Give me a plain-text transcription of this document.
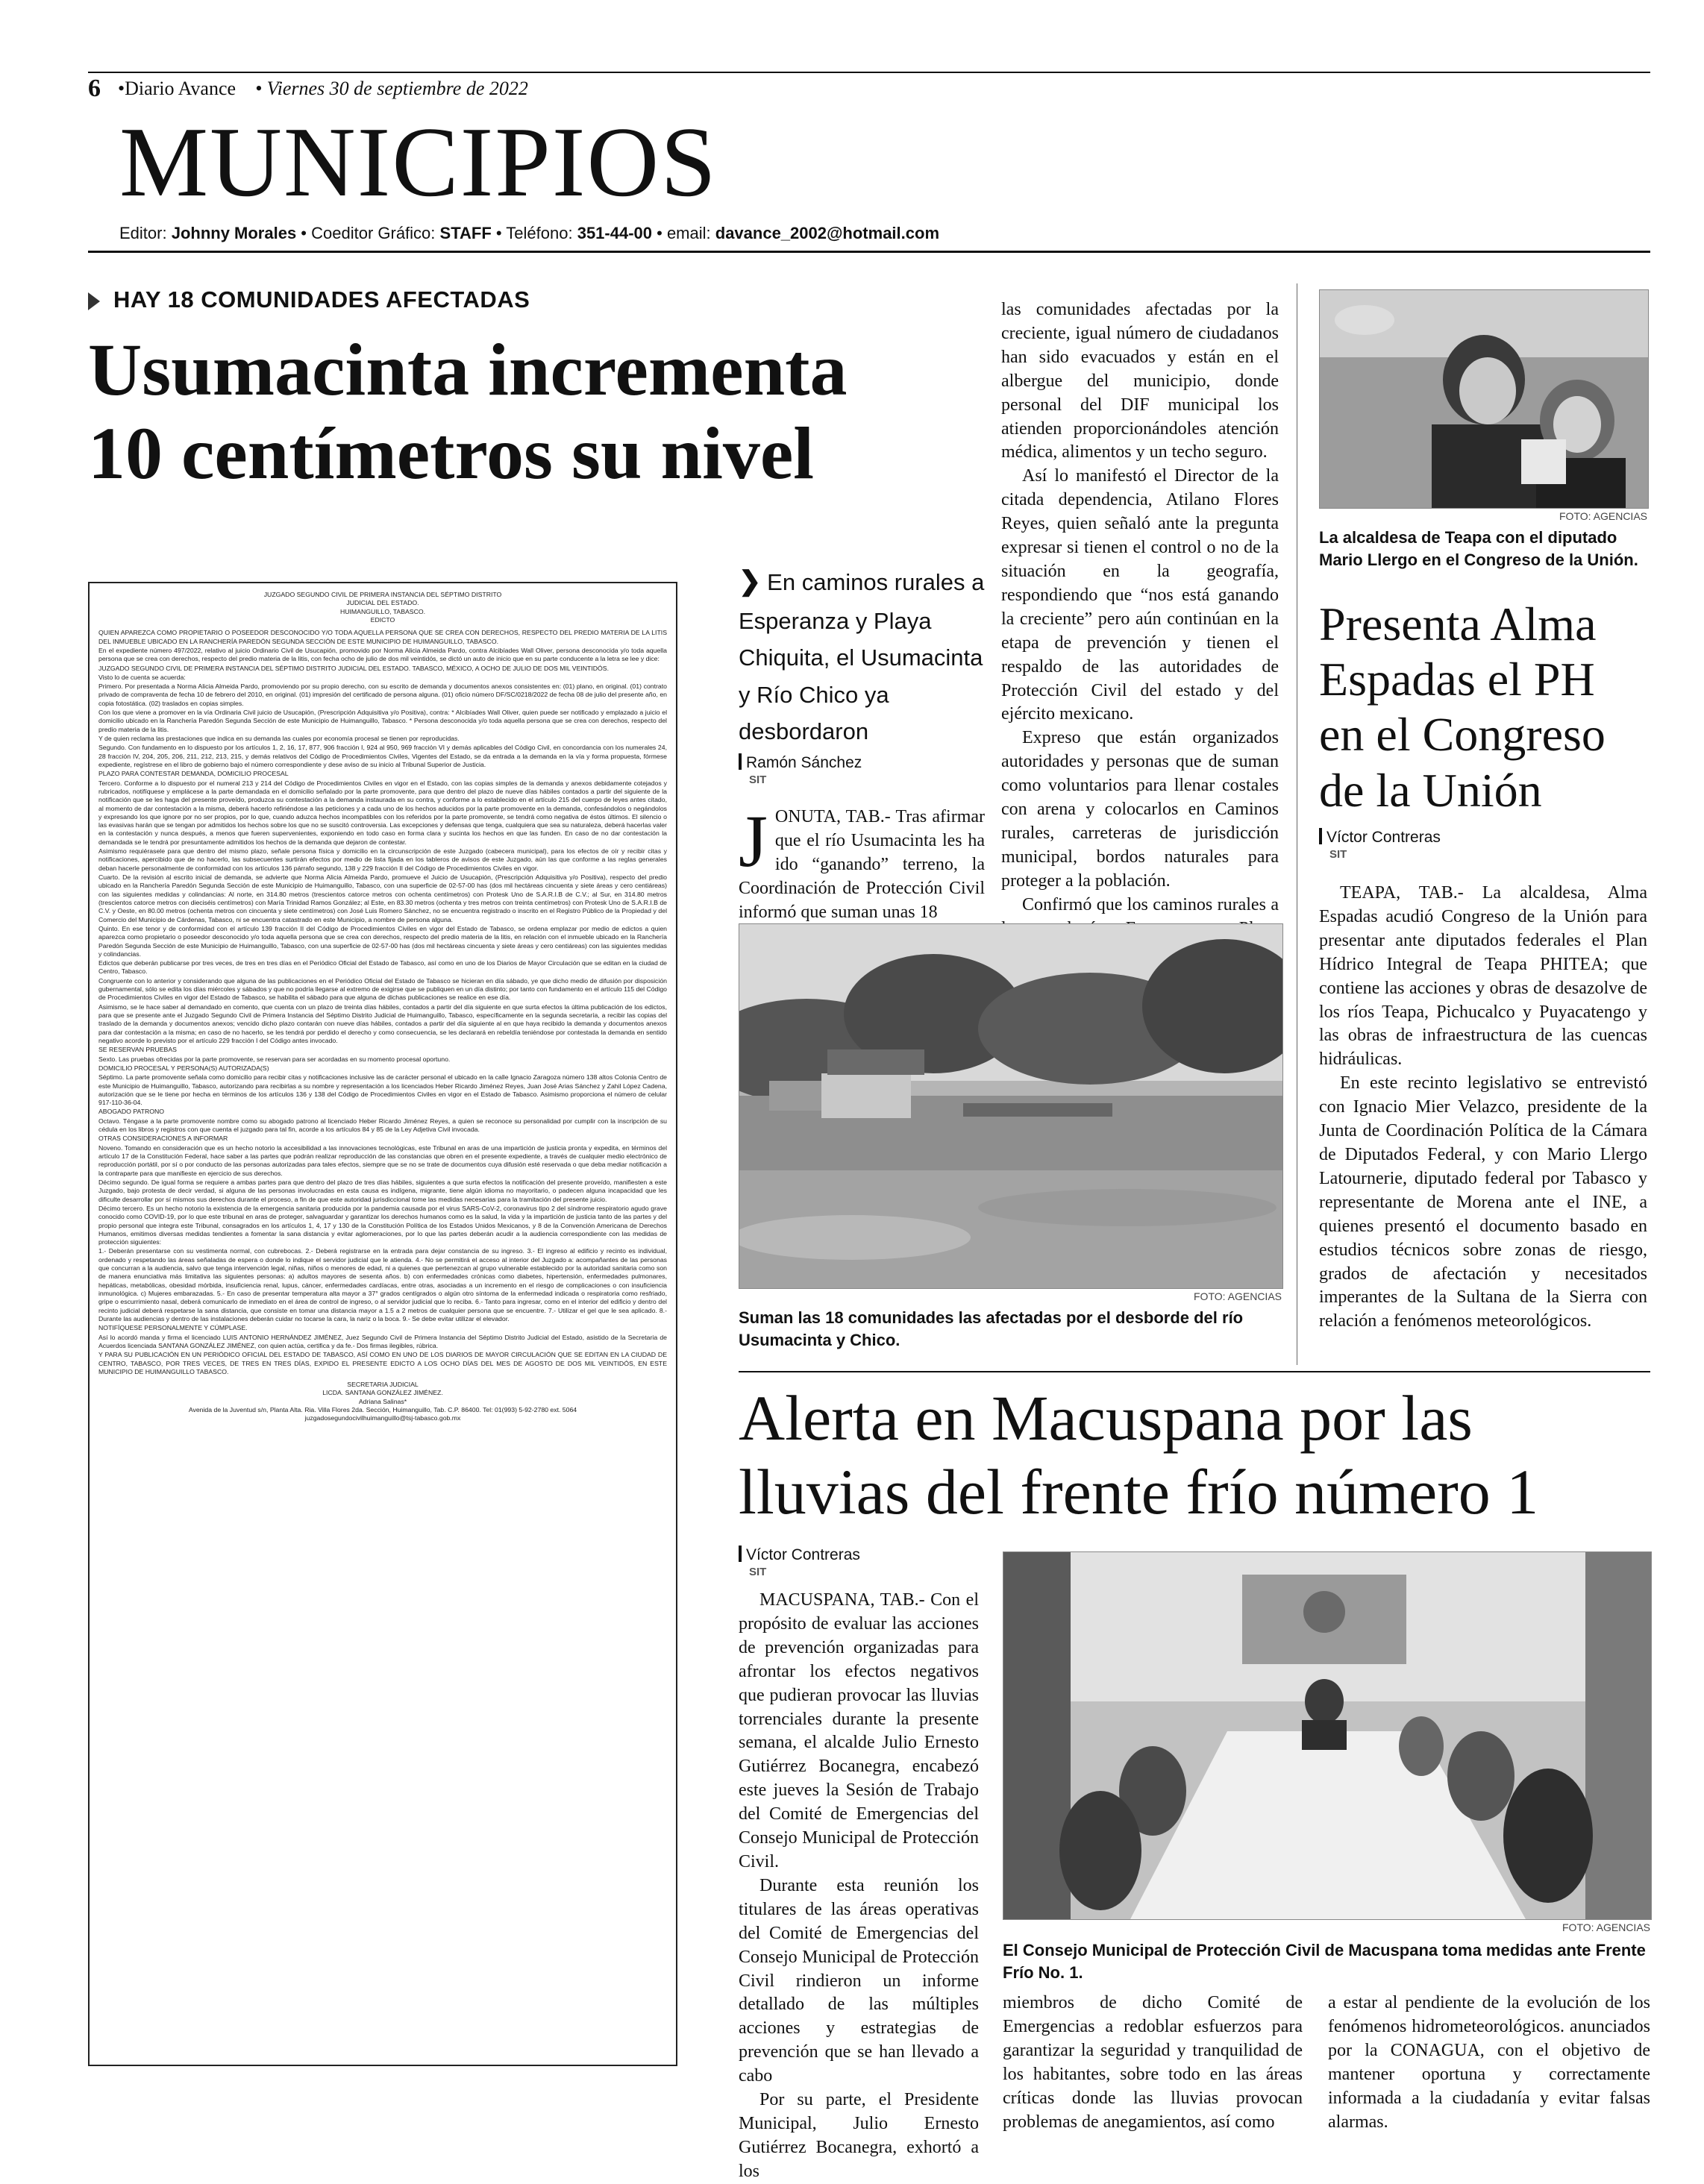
6 •Diario Avance • Viernes 30 de septiembre de 2022
MUNICIPIOS
Editor: Johnny Morales • Coeditor Gráfico: STAFF • Teléfono: 351-44-00 • email: davance_2002@hotmail.com
HAY 18 COMUNIDADES AFECTADAS
Usumacinta incrementa
10 centímetros su nivel
JUZGADO SEGUNDO CIVIL DE PRIMERA INSTANCIA DEL SÉPTIMO DISTRITO
JUDICIAL DEL ESTADO.
HUIMANGUILLO, TABASCO.
EDICTO

QUIEN APAREZCA COMO PROPIETARIO O POSEEDOR DESCONOCIDO Y/O TODA AQUELLA PERSONA QUE SE CREA CON DERECHOS, RESPECTO DEL PREDIO MATERIA DE LA LITIS DEL INMUEBLE UBICADO EN LA RANCHERÍA PAREDÓN SEGUNDA SECCIÓN DE ESTE MUNICIPIO DE HUIMANGUILLO, TABASCO.

En el expediente número 497/2022, relativo al juicio Ordinario Civil de Usucapión, promovido por Norma Alicia Almeida Pardo, contra Alcibíades Wall Oliver, persona desconocida y/o toda aquella persona que se crea con derechos, respecto del predio materia de la litis, con fecha ocho de julio de dos mil veintidós, se dictó un auto de inicio que en su parte conducente a la letra se lee y dice:

JUZGADO SEGUNDO CIVIL DE PRIMERA INSTANCIA DEL SÉPTIMO DISTRITO JUDICIAL DEL ESTADO. TABASCO, MÉXICO, A OCHO DE JULIO DE DOS MIL VEINTIDÓS.

Visto lo de cuenta se acuerda:

Primero. Por presentada a Norma Alicia Almeida Pardo, promoviendo por su propio derecho, con su escrito de demanda y documentos anexos consistentes en: (01) plano, en original. (01) contrato privado de compraventa de fecha 10 de febrero del 2010, en original. (01) impresión del certificado de persona alguna. (01) oficio número DF/SC/0218/2022 de fecha 08 de julio del presente año, en copia fotostática. (02) traslados en copias simples.

Con los que viene a promover en la vía Ordinaria Civil juicio de Usucapión, (Prescripción Adquisitiva y/o Positiva), contra: * Alcibíades Wall Oliver, quien puede ser notificado y emplazado a juicio el domicilio ubicado en la Ranchería Paredón Segunda Sección de este Municipio de Huimanguillo, Tabasco. * Persona desconocida y/o toda aquella persona que se crea con derechos, respecto del predio materia de la litis.

Y de quien reclama las prestaciones que indica en su demanda las cuales por economía procesal se tienen por reproducidas.

Segundo. Con fundamento en lo dispuesto por los artículos 1, 2, 16, 17, 877, 906 fracción I, 924 al 950, 969 fracción VI y demás aplicables del Código Civil, en concordancia con los numerales 24, 28 fracción IV, 204, 205, 206, 211, 212, 213, 215, y demás relativos del Código de Procedimientos Civiles, Vigentes del Estado, se da entrada a la demanda en la vía y forma propuesta, fórmese expediente, regístrese en el libro de gobierno bajo el número correspondiente y dese aviso de su inicio al Tribunal Superior de Justicia.

PLAZO PARA CONTESTAR DEMANDA, DOMICILIO PROCESAL

Tercero. Conforme a lo dispuesto por el numeral 213 y 214 del Código de Procedimientos Civiles en vigor en el Estado, con las copias simples de la demanda y anexos debidamente cotejados y rubricados, notifíquese y emplácese a la parte demandada en el domicilio señalado por la parte promovente, para que dentro del plazo de nueve días hábiles contados a partir del siguiente de la notificación que se les haga del presente proveído, produzca su contestación a la demanda instaurada en su contra, y conforme a lo establecido en el artículo 215 del cuerpo de leyes antes citado, al momento de dar contestación a la misma, deberá hacerlo refiriéndose a las peticiones y a cada uno de los hechos aducidos por la parte promovente en la demanda, confesándolos o negándolos y expresando los que ignore por no ser propios, por lo que, cuando aduzca hechos incompatibles con los referidos por la parte promovente, se tendrá como negativa de éstos últimos. El silencio o las evasivas harán que se tengan por admitidos los hechos sobre los que no se suscitó controversia. Las excepciones y defensas que tenga, cualquiera que sea su naturaleza, deberá hacerlas valer en la contestación y nunca después, a menos que fueren supervenientes, exponiendo en todo caso en forma clara y sucinta los hechos en que las funden. En caso de no dar contestación la demandada se le tendrá por presuntamente admitidos los hechos de la demanda que dejaron de contestar.

Asimismo requiérasele para que dentro del mismo plazo, señale persona física y domicilio en la circunscripción de este Juzgado (cabecera municipal), para los efectos de oír y recibir citas y notificaciones, apercibido que de no hacerlo, las subsecuentes surtirán efectos por medio de lista fijada en los tableros de avisos de este Juzgado, aún las que conforme a las reglas generales deban hacerle personalmente de conformidad con los artículos 136 párrafo segundo, 138 y 229 fracción II del Código de Procedimientos Civiles en vigor.

Cuarto. De la revisión al escrito inicial de demanda, se advierte que Norma Alicia Almeida Pardo, promueve el Juicio de Usucapión, (Prescripción Adquisitiva y/o Positiva), respecto del predio ubicado en la Ranchería Paredón Segunda Sección de este Municipio de Huimanguillo, Tabasco, con una superficie de 02-57-00 has (dos mil hectáreas cincuenta y siete áreas y cero centiáreas) con las siguientes medidas y colindancias: Al norte, en 314.80 metros (trescientos catorce metros con ochenta centímetros) con Protesk Uno de S.A.R.I.B de C.V.; al Sur, en 314.80 metros (trescientos catorce metros con dieciséis centímetros) con María Trinidad Ramos González; al Este, en 83.30 metros (ochenta y tres metros con treinta centímetros) con Protesk Uno de S.A.R.I.B de C.V. y Oeste, en 80.00 metros (ochenta metros con cincuenta y siete centímetros) con José Luis Romero Sánchez, no se encuentra registrado o inscrito en el Registro Público de la Propiedad y del Comercio del Municipio de Cárdenas, Tabasco, ni se encuentra catastrado en este Municipio, a nombre de persona alguna.

Quinto. En ese tenor y de conformidad con el artículo 139 fracción II del Código de Procedimientos Civiles en vigor del Estado de Tabasco, se ordena emplazar por medio de edictos a quien aparezca como propietario o poseedor desconocido y/o toda aquella persona que se crea con derechos, respecto del predio materia de la litis, en relación con el inmueble ubicado en la Ranchería Paredón Segunda Sección de este Municipio de Huimanguillo, Tabasco, con una superficie de 02-57-00 has (dos mil hectáreas cincuenta y siete áreas y cero centiáreas) con las siguientes medidas y colindancias.

Edictos que deberán publicarse por tres veces, de tres en tres días en el Periódico Oficial del Estado de Tabasco, así como en uno de los Diarios de Mayor Circulación que se editan en la ciudad de Centro, Tabasco.

Congruente con lo anterior y considerando que alguna de las publicaciones en el Periódico Oficial del Estado de Tabasco se hicieran en día sábado, ye que dicho medio de difusión por disposición gubernamental, sólo se edita los días miércoles y sábados y que no podría llegarse al extremo de exigirse que se publiquen en un día distinto; por tanto con fundamento en el artículo 115 del Código de Procedimientos Civiles en vigor del Estado de Tabasco, se habilita el sábado para que alguna de dichas publicaciones se realice en ese día.

Asimismo, se le hace saber al demandado en comento, que cuenta con un plazo de treinta días hábiles, contados a partir del día siguiente en que surta efectos la última publicación de los edictos, para que se presente ante el Juzgado Segundo Civil de Primera Instancia del Séptimo Distrito Judicial de Huimanguillo, Tabasco, específicamente en la segunda secretaría, a recibir las copias del traslado de la demanda y documentos anexos; vencido dicho plazo contarán con nueve días hábiles, contados a partir del día siguiente al en que haya recibido la demanda y documentos anexos para dar contestación a la misma; en caso de no hacerlo, se les tendrá por perdido el derecho y como consecuencia, se les declarará en rebeldía teniéndose por contestada la demanda en sentido negativo acorde lo previsto por el artículo 229 fracción I del Código antes invocado.

SE RESERVAN PRUEBAS

Sexto. Las pruebas ofrecidas por la parte promovente, se reservan para ser acordadas en su momento procesal oportuno.

DOMICILIO PROCESAL Y PERSONA(S) AUTORIZADA(S)

Séptimo. La parte promovente señala como domicilio para recibir citas y notificaciones inclusive las de carácter personal el ubicado en la calle Ignacio Zaragoza número 138 altos Colonia Centro de este Municipio de Huimanguillo, Tabasco, autorizando para recibirlas a su nombre y representación a los licenciados Heber Ricardo Jiménez Reyes, Juan José Arias Sánchez y Zahil López Cadena, autorización que se le tiene por hecha en términos de los artículos 136 y 138 del Código de Procedimientos Civiles en vigor en el Estado de Tabasco. Asimismo proporciona el número de celular 917-110-36-04.

ABOGADO PATRONO

Octavo. Téngase a la parte promovente nombre como su abogado patrono al licenciado Heber Ricardo Jiménez Reyes, a quien se reconoce su personalidad por cumplir con la inscripción de su cédula en los libros y registros con que cuenta el juzgado para tal fin, acorde a los artículos 84 y 85 de la Ley Adjetiva Civil invocada.

OTRAS CONSIDERACIONES A INFORMAR

Noveno. Tomando en consideración que es un hecho notorio la accesibilidad a las innovaciones tecnológicas, este Tribunal en aras de una impartición de justicia pronta y expedita, en términos del artículo 17 de la Constitución Federal, hace saber a las partes que podrán realizar reproducción de las constancias que obren en el presente expediente, a través de cualquier medio electrónico de reproducción portátil, por sí o por conducto de las personas autorizadas para tales efectos, siempre que se no se trate de documentos cuya difusión esté reservada o que deba mediar notificación a la contraparte para que manifieste en ejercicio de sus derechos.

Décimo segundo. De igual forma se requiere a ambas partes para que dentro del plazo de tres días hábiles, siguientes a que surta efectos la notificación del presente proveído, manifiesten a este Juzgado, bajo protesta de decir verdad, si alguna de las personas involucradas en esta causa es indígena, migrante, tiene algún idioma no mayoritario, o padecen alguna incapacidad que les dificulte desarrollar por sí mismos sus derechos durante el proceso, a fin de que este autoridad jurisdiccional tome las medidas necesarias para la tramitación del presente juicio.

Décimo tercero. Es un hecho notorio la existencia de la emergencia sanitaria producida por la pandemia causada por el virus SARS-CoV-2, coronavirus tipo 2 del síndrome respiratorio agudo grave conocido como COVID-19, por lo que este tribunal en aras de proteger, salvaguardar y garantizar los derechos humanos como es la salud, la vida y la impartición de justicia tanto de las partes y del propio personal que integra este Tribunal, consagrados en los artículos 1, 4, 17 y 130 de la Constitución Política de los Estados Unidos Mexicanos, y 8 de la Convención Americana de Derechos Humanos, emitimos diversas medidas tendientes a fomentar la sana distancia y evitar aglomeraciones, por lo que las partes deberán acudir a la audiencia correspondiente con las medidas de protección siguientes:

1.- Deberán presentarse con su vestimenta normal, con cubrebocas. 2.- Deberá registrarse en la entrada para dejar constancia de su ingreso. 3.- El ingreso al edificio y recinto es individual, ordenado y respetando las áreas señaladas de espera o donde lo indique el servidor judicial que le atienda. 4.- No se permitirá el acceso al interior del Juzgado a: acompañantes de las personas que concurran a la audiencia, salvo que tenga intervención legal, niñas, niños o menores de edad, ni a quienes que pertenezcan al grupo vulnerable establecido por la autoridad sanitaria como son de manera enunciativa más limitativa las siguientes personas: a) adultos mayores de sesenta años. b) con enfermedades crónicas como diabetes, hipertensión, enfermedades pulmonares, hepáticas, metabólicas, obesidad mórbida, insuficiencia renal, lupus, cáncer, enfermedades cardíacas, entre otras, asociadas a un incremento en el riesgo de complicaciones o con insuficiencia inmunológica. c) Mujeres embarazadas. 5.- En caso de presentar temperatura alta mayor a 37° grados centígrados o algún otro síntoma de la enfermedad indicada o respiratoria como resfriado, gripe o escurrimiento nasal, deberá comunicarlo de inmediato en el área de control de ingreso, o al servidor judicial que lo reciba. 6.- Tanto para ingresar, como en el interior del edificio y dentro del recinto judicial deberá respetarse la sana distancia, que consiste en tomar una distancia mayor a 1.5 a 2 metros de cualquier persona que se encuentre. 7.- Utilizar el gel que le sea aplicado. 8.- Durante las audiencias y dentro de las instalaciones deberán cuidar no tocarse la cara, la nariz o la boca. 9.- Se debe evitar utilizar el elevador.

NOTIFÍQUESE PERSONALMENTE Y CÚMPLASE.

Así lo acordó manda y firma el licenciado LUIS ANTONIO HERNÁNDEZ JIMÉNEZ, Juez Segundo Civil de Primera Instancia del Séptimo Distrito Judicial del Estado, asistido de la Secretaria de Acuerdos licenciada SANTANA GONZÁLEZ JIMÉNEZ, con quien actúa, certifica y da fe.- Dos firmas ilegibles, rúbrica.

Y PARA SU PUBLICACIÓN EN UN PERIÓDICO OFICIAL DEL ESTADO DE TABASCO, ASÍ COMO EN UNO DE LOS DIARIOS DE MAYOR CIRCULACIÓN QUE SE EDITAN EN LA CIUDAD DE CENTRO, TABASCO, POR TRES VECES, DE TRES EN TRES DÍAS, EXPIDO EL PRESENTE EDICTO A LOS OCHO DÍAS DEL MES DE AGOSTO DE DOS MIL VEINTIDÓS, EN ESTE MUNICIPIO DE HUIMANGUILLO TABASCO.

SECRETARIA JUDICIAL
LICDA. SANTANA GONZÁLEZ JIMÉNEZ.
Adriana Salinas*
Avenida de la Juventud s/n, Planta Alta. Ria. Villa Flores 2da. Sección, Huimanguillo, Tab. C.P. 86400. Tel: 01(993) 5-92-2780 ext. 5064
juzgadosegundocivilhuimanguillo@tsj-tabasco.gob.mx
❯ En caminos rurales a Esperanza y Playa Chiquita, el Usumacinta y Río Chico ya desbordaron
Ramón Sánchez
SIT

JONUTA, TAB.- Tras afirmar que el río Usumacinta les ha ido “ganando” terreno, la Coordinación de Protección Civil informó que suman unas 18

las comunidades afectadas por la creciente, igual número de ciudadanos han sido evacuados y están en el albergue del municipio, donde personal del DIF municipal los atienden proporcionándoles atención médica, alimentos y un techo seguro.

Así lo manifestó el Director de la citada dependencia, Atilano Flores Reyes, quien señaló ante la pregunta expresar si tienen el control o no de la situación en la geografía, respondiendo que “nos está ganando la creciente” pero aún continúan en la etapa de prevención y tienen el respaldo de las autoridades de Protección Civil del estado y del ejército mexicano.

Expreso que están organizados autoridades y personas que de suman como voluntarios para llenar costales con arena y colocarlos en Caminos rurales, carreteras de jurisdicción municipal, bordos naturales para proteger a la población.

Confirmó que los caminos rurales a

FOTO: AGENCIAS
Suman las 18 comunidades las afectadas por el desborde del río Usumacinta y Chico.
FOTO: AGENCIAS
La alcaldesa de Teapa con el diputado Mario Llergo en el Congreso de la Unión.
Presenta Alma
Espadas el PH
en el Congreso
de la Unión
Víctor Contreras
SIT

TEAPA, TAB.- La alcaldesa, Alma Espadas acudió Congreso de la Unión para presentar ante diputados federales el Plan Hídrico Integral de Teapa PHITEA; que contiene las acciones y obras de desazolve de los ríos Teapa, Pichucalco y Puyacatengo y las obras de infraestructura de las cuencas hidráulicas.

En este recinto legislativo se entrevistó con Ignacio Mier Velazco, presidente de la Junta de Coordinación Política de la Cámara de Diputados Federal, y con Mario Llergo Latournerie, diputado federal por Tabasco y representante de Morena ante el INE, a quienes presentó el documento basado en estudios técnicos sobre zonas de riesgo, grados de afectación y necesitados imperantes de la Sultana de la Sierra con relación a fenómenos meteorológicos.

Alerta en Macuspana por las
lluvias del frente frío número 1
Víctor Contreras
SIT

MACUSPANA, TAB.- Con el propósito de evaluar las acciones de prevención organizadas para afrontar los efectos negativos que pudieran provocar las lluvias torrenciales durante la presente semana, el alcalde Julio Ernesto Gutiérrez Bocanegra, encabezó este jueves la Sesión de Trabajo del Comité de Emergencias del Consejo Municipal de Protección Civil.

Durante esta reunión los titulares de las áreas operativas del Comité de Emergencias del Consejo Municipal de Protección Civil rindieron un informe detallado de las múltiples acciones y estrategias de prevención que se han llevado a cabo

Por su parte, el Presidente Municipal, Julio Ernesto Gutiérrez Bocanegra, exhortó a los

FOTO: AGENCIAS
El Consejo Municipal de Protección Civil de Macuspana toma medidas ante Frente Frío No. 1.

miembros de dicho Comité de Emergencias a redoblar esfuerzos para garantizar la seguridad y tranquilidad de los habitantes, sobre todo en las áreas críticas donde las lluvias provocan problemas de anegamientos, así como

a estar al pendiente de la evolución de los fenómenos hidrometeorológicos. anunciados por la CONAGUA, con el objetivo de mantener oportuna y correctamente informada a la ciudadanía y evitar falsas alarmas.
